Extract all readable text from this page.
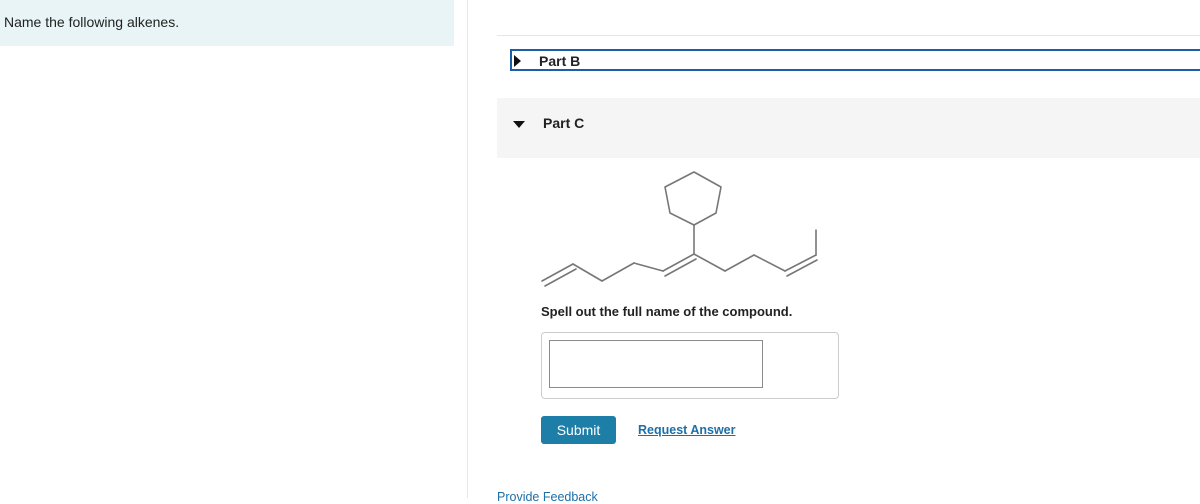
Name the following alkenes.
Part B
Part C
Spell out the full name of the compound.
Submit	Request Answer
Provide Feedback
